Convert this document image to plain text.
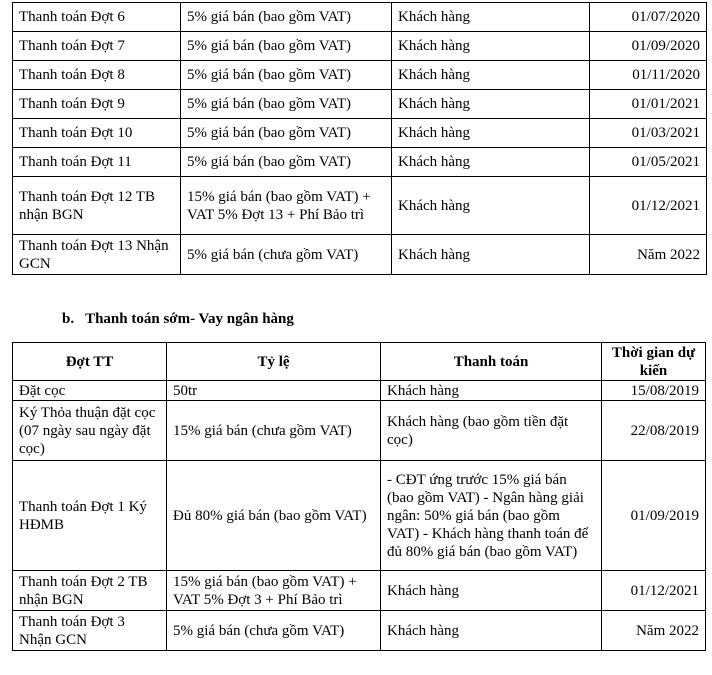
Thanh toán Đợt 6	5% giá bán (bao gồm VAT)	Khách hàng	01/07/2020
Thanh toán Đợt 7	5% giá bán (bao gồm VAT)	Khách hàng	01/09/2020
Thanh toán Đợt 8	5% giá bán (bao gồm VAT)	Khách hàng	01/11/2020
Thanh toán Đợt 9	5% giá bán (bao gồm VAT)	Khách hàng	01/01/2021
Thanh toán Đợt 10	5% giá bán (bao gồm VAT)	Khách hàng	01/03/2021
Thanh toán Đợt 11	5% giá bán (bao gồm VAT)	Khách hàng	01/05/2021
Thanh toán Đợt 12 TB nhận BGN	15% giá bán (bao gồm VAT) + VAT 5% Đợt 13 + Phí Bảo trì	Khách hàng	01/12/2021
Thanh toán Đợt 13 Nhận GCN	5% giá bán (chưa gồm VAT)	Khách hàng	Năm 2022

b.   Thanh toán sớm- Vay ngân hàng

Đợt TT	Tỷ lệ	Thanh toán	Thời gian dự kiến
Đặt cọc	50tr	Khách hàng	15/08/2019
Ký Thỏa thuận đặt cọc (07 ngày sau ngày đặt cọc)	15% giá bán (chưa gồm VAT)	Khách hàng (bao gồm tiền đặt cọc)	22/08/2019
Thanh toán Đợt 1 Ký HĐMB	Đủ 80% giá bán (bao gồm VAT)	- CĐT ứng trước 15% giá bán (bao gồm VAT) - Ngân hàng giải ngân: 50% giá bán (bao gồm VAT) - Khách hàng thanh toán để đủ 80% giá bán (bao gồm VAT)	01/09/2019
Thanh toán Đợt 2 TB nhận BGN	15% giá bán (bao gồm VAT) + VAT 5% Đợt 3 + Phí Bảo trì	Khách hàng	01/12/2021
Thanh toán Đợt 3 Nhận GCN	5% giá bán (chưa gồm VAT)	Khách hàng	Năm 2022
